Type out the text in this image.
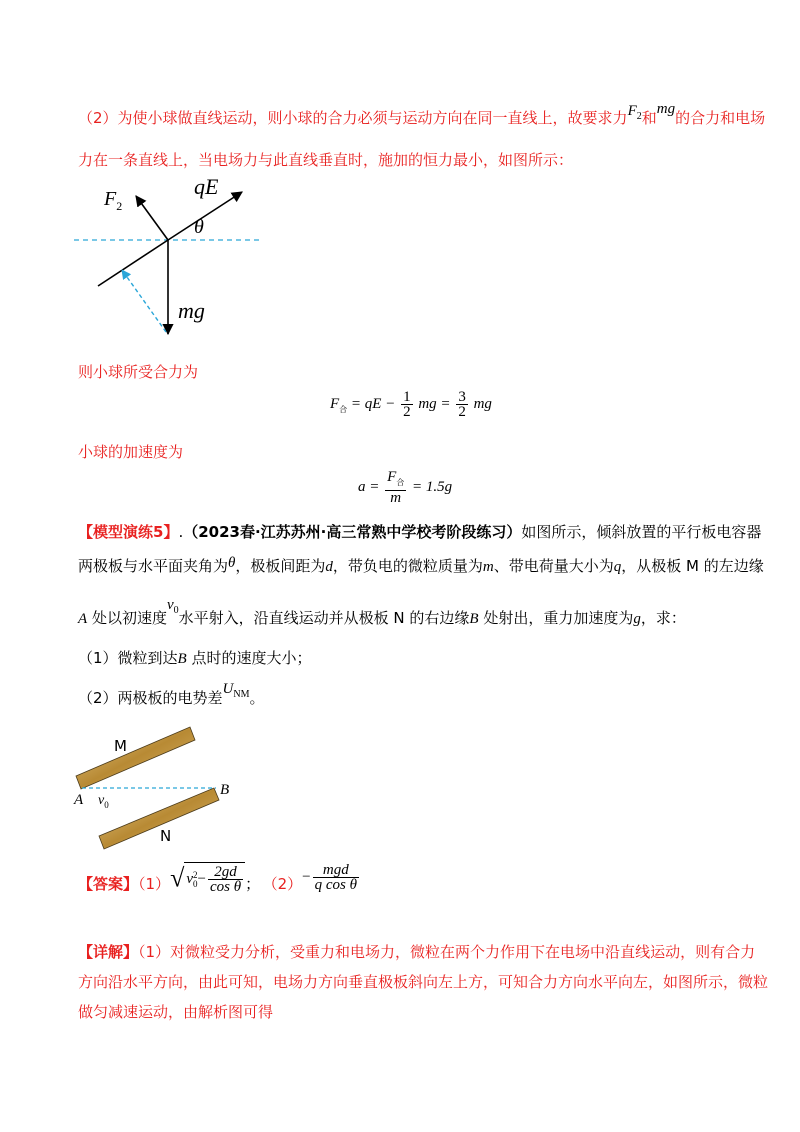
（2）为使小球做直线运动，则小球的合力必须与运动方向在同一直线上，故要求力$F_2$和mg的合力和电场
力在一条直线上，当电场力与此直线垂直时，施加的恒力最小，如图所示：
$F_2$
qE
θ
mg
则小球所受合力为
$F_合$ = qE − $\frac{1}{2}$ mg = $\frac{3}{2}$ mg
小球的加速度为
$a = \frac{F_合}{m} = 1.5g$
【模型演练5】.（2023春·江苏苏州·高三常熟中学校考阶段练习）如图所示，倾斜放置的平行板电容器
两极板与水平面夹角为θ，极板间距为d，带负电的微粒质量为m、带电荷量大小为q，从极板 M 的左边缘
A 处以初速度$v_0$水平射入，沿直线运动并从极板 N 的右边缘B 处射出，重力加速度为g，求：
（1）微粒到达B 点时的速度大小；
（2）两极板的电势差$U_{NM}$。
M
N
A
B
$v_0$
【答案】（1）√ v 2
$0 - \frac{2gd}{\text{cos θ}}$ ； $(2)- \frac{\text{mgd}}{\text{q cos θ}}$
【详解】（1）对微粒受力分析，受重力和电场力，微粒在两个力作用下在电场中沿直线运动，则有合力
方向沿水平方向，由此可知，电场力方向垂直极板斜向左上方，可知合力方向水平向左，如图所示，微粒
做匀减速运动，由解析图可得
